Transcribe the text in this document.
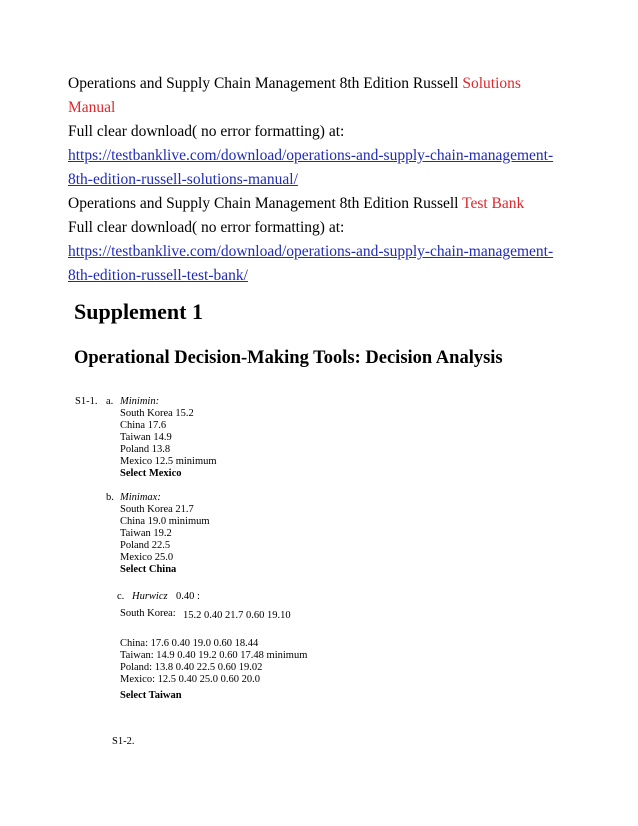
Operations and Supply Chain Management 8th Edition Russell Solutions
Manual
Full clear download( no error formatting) at:
https://testbanklive.com/download/operations-and-supply-chain-management-
8th-edition-russell-solutions-manual/
Operations and Supply Chain Management 8th Edition Russell Test Bank
Full clear download( no error formatting) at:
https://testbanklive.com/download/operations-and-supply-chain-management-
8th-edition-russell-test-bank/
Supplement 1
Operational Decision-Making Tools: Decision Analysis
S1-1. a. Minimin:
South Korea 15.2
China 17.6
Taiwan 14.9
Poland 13.8
Mexico 12.5 minimum
Select Mexico
b. Minimax:
South Korea 21.7
China 19.0 minimum
Taiwan 19.2
Poland 22.5
Mexico 25.0
Select China
c. Hurwicz 0.40 :
South Korea: 15.2 0.40 21.7 0.60 19.10
China: 17.6 0.40 19.0 0.60 18.44
Taiwan: 14.9 0.40 19.2 0.60 17.48 minimum
Poland: 13.8 0.40 22.5 0.60 19.02
Mexico: 12.5 0.40 25.0 0.60 20.0
Select Taiwan
S1-2.
